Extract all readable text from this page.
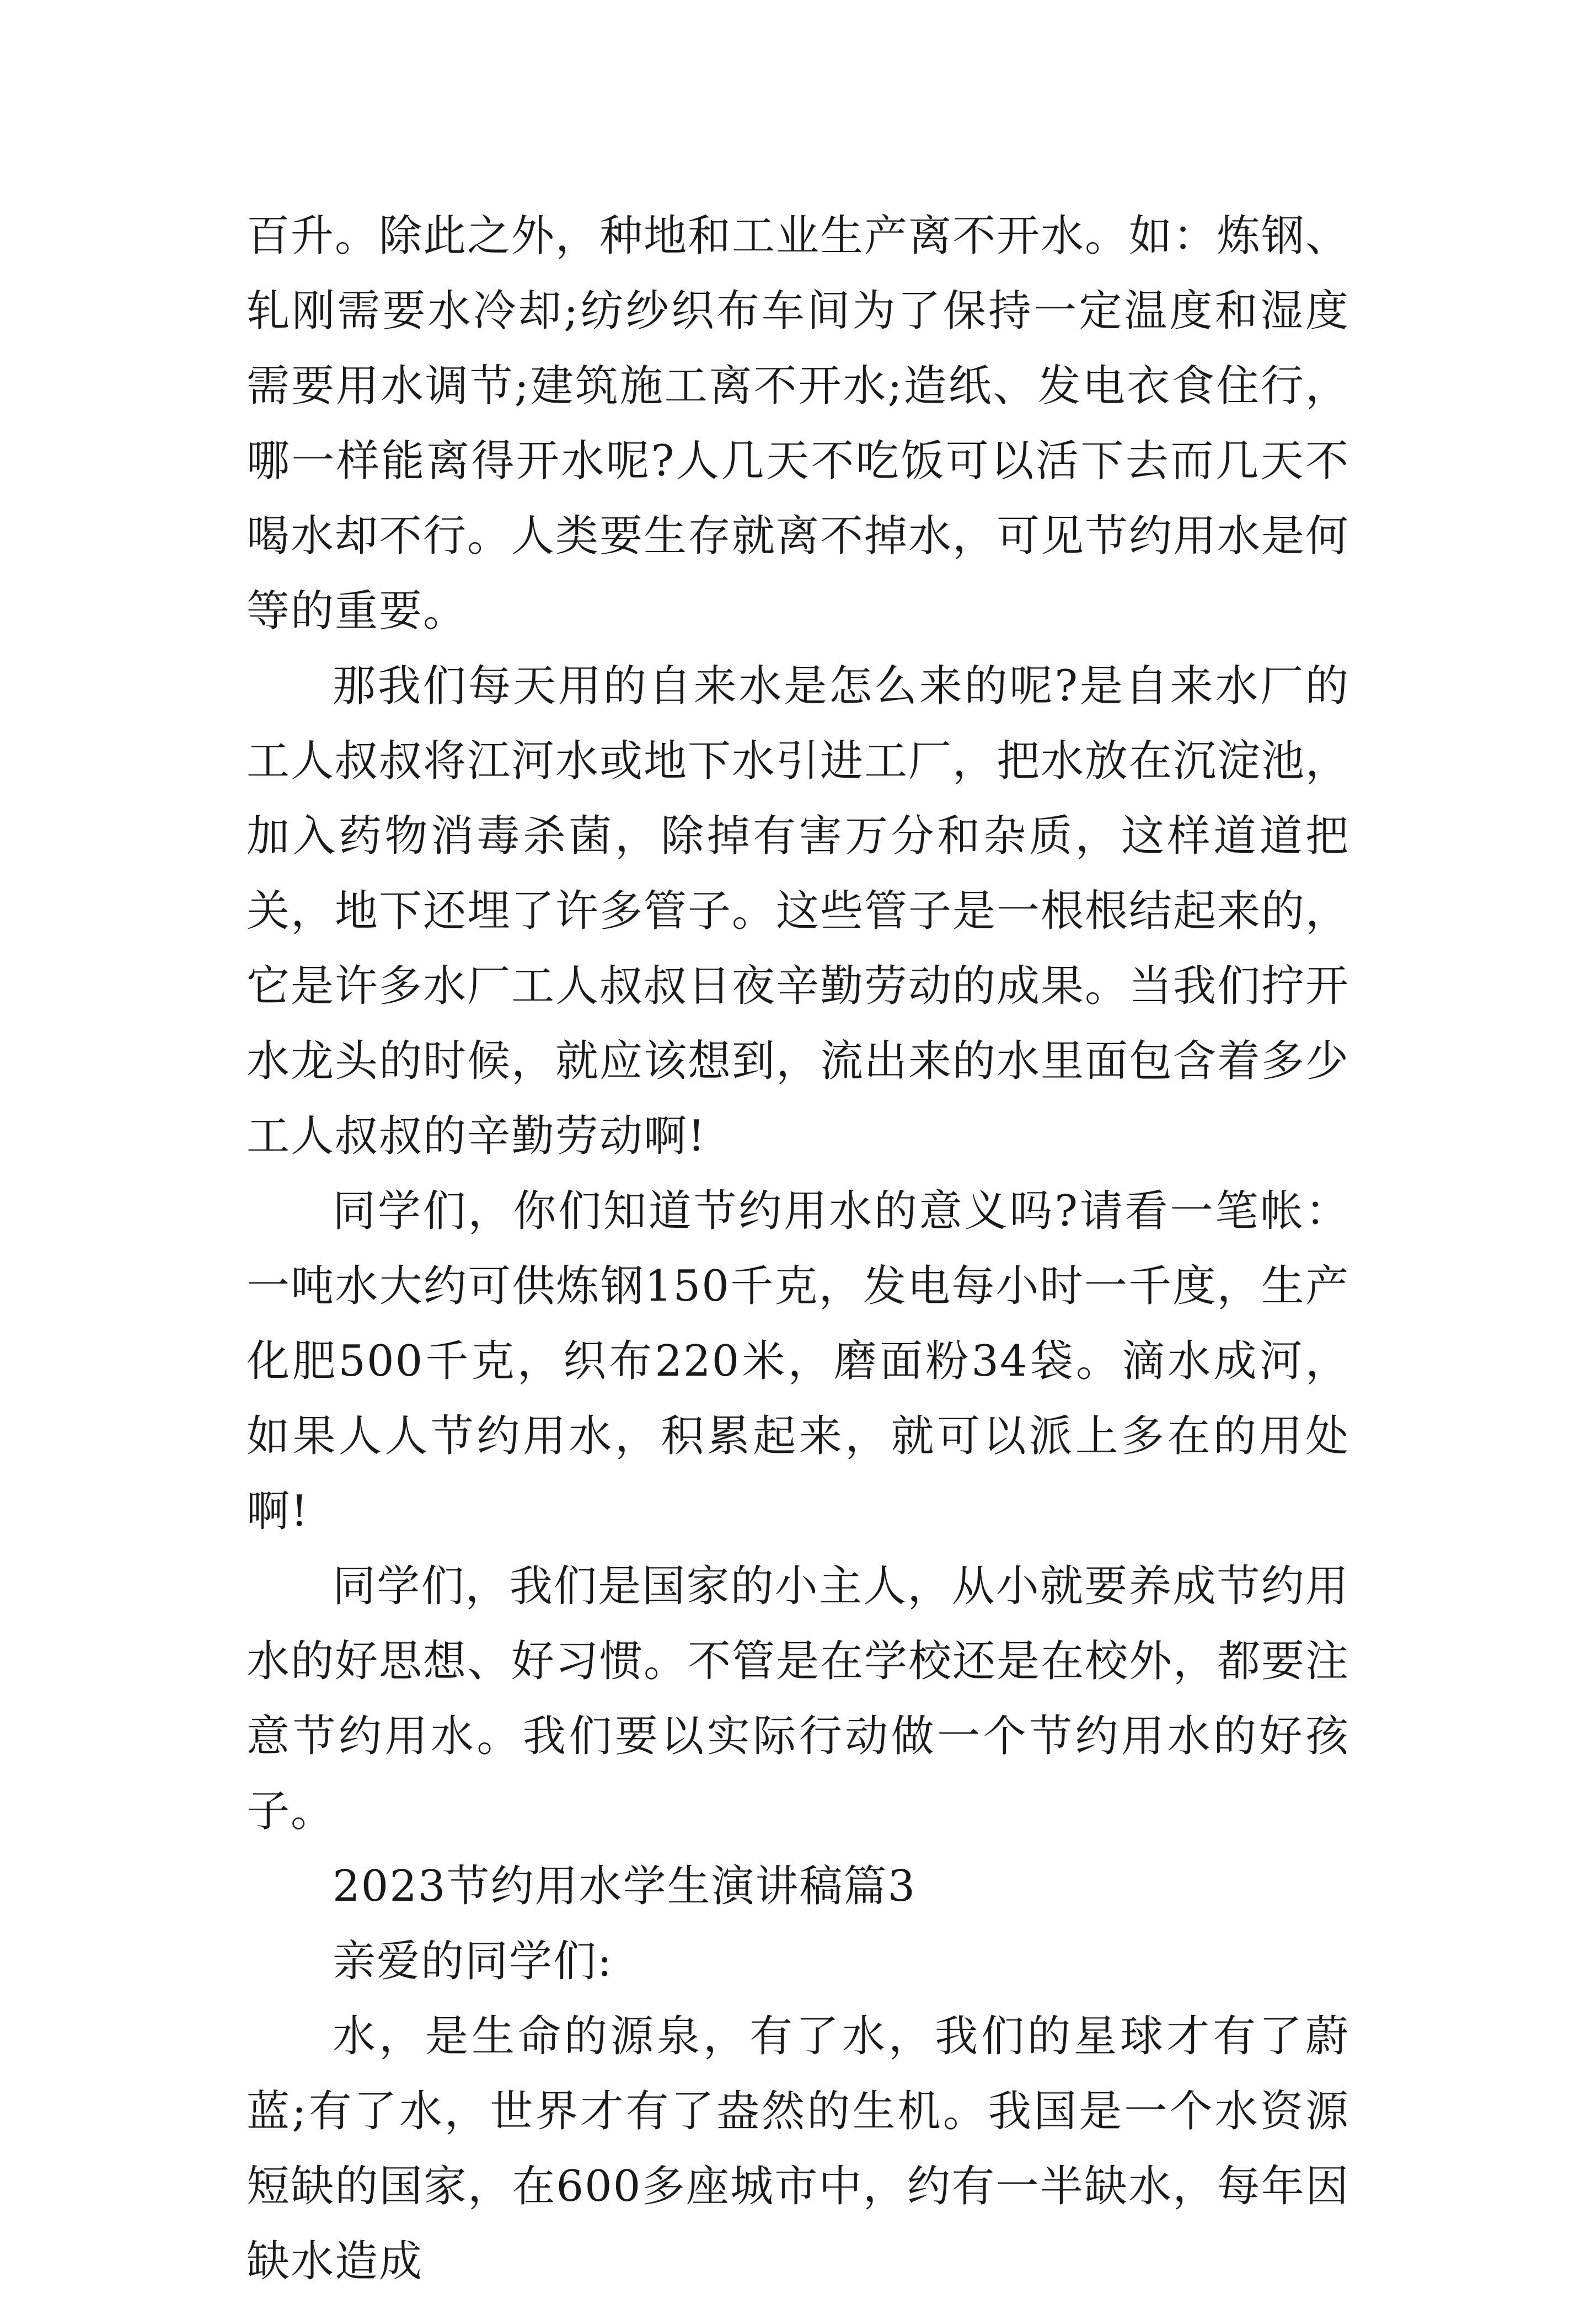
百升。除此之外，种地和工业生产离不开水。如：炼钢、轧刚需要水冷却;纺纱织布车间为了保持一定温度和湿度需要用水调节;建筑施工离不开水;造纸、发电衣食住行，哪一样能离得开水呢?人几天不吃饭可以活下去而几天不喝水却不行。人类要生存就离不掉水，可见节约用水是何等的重要。

那我们每天用的自来水是怎么来的呢?是自来水厂的工人叔叔将江河水或地下水引进工厂，把水放在沉淀池，加入药物消毒杀菌，除掉有害万分和杂质，这样道道把关，地下还埋了许多管子。这些管子是一根根结起来的，它是许多水厂工人叔叔日夜辛勤劳动的成果。当我们拧开水龙头的时候，就应该想到，流出来的水里面包含着多少工人叔叔的辛勤劳动啊!

同学们，你们知道节约用水的意义吗?请看一笔帐：一吨水大约可供炼钢150千克，发电每小时一千度，生产化肥500千克，织布220米，磨面粉34袋。滴水成河，如果人人节约用水，积累起来，就可以派上多在的用处啊!

同学们，我们是国家的小主人，从小就要养成节约用水的好思想、好习惯。不管是在学校还是在校外，都要注意节约用水。我们要以实际行动做一个节约用水的好孩子。

2023节约用水学生演讲稿篇3

亲爱的同学们:

水，是生命的源泉，有了水，我们的星球才有了蔚蓝;有了水，世界才有了盎然的生机。我国是一个水资源短缺的国家，在600多座城市中，约有一半缺水，每年因缺水造成
